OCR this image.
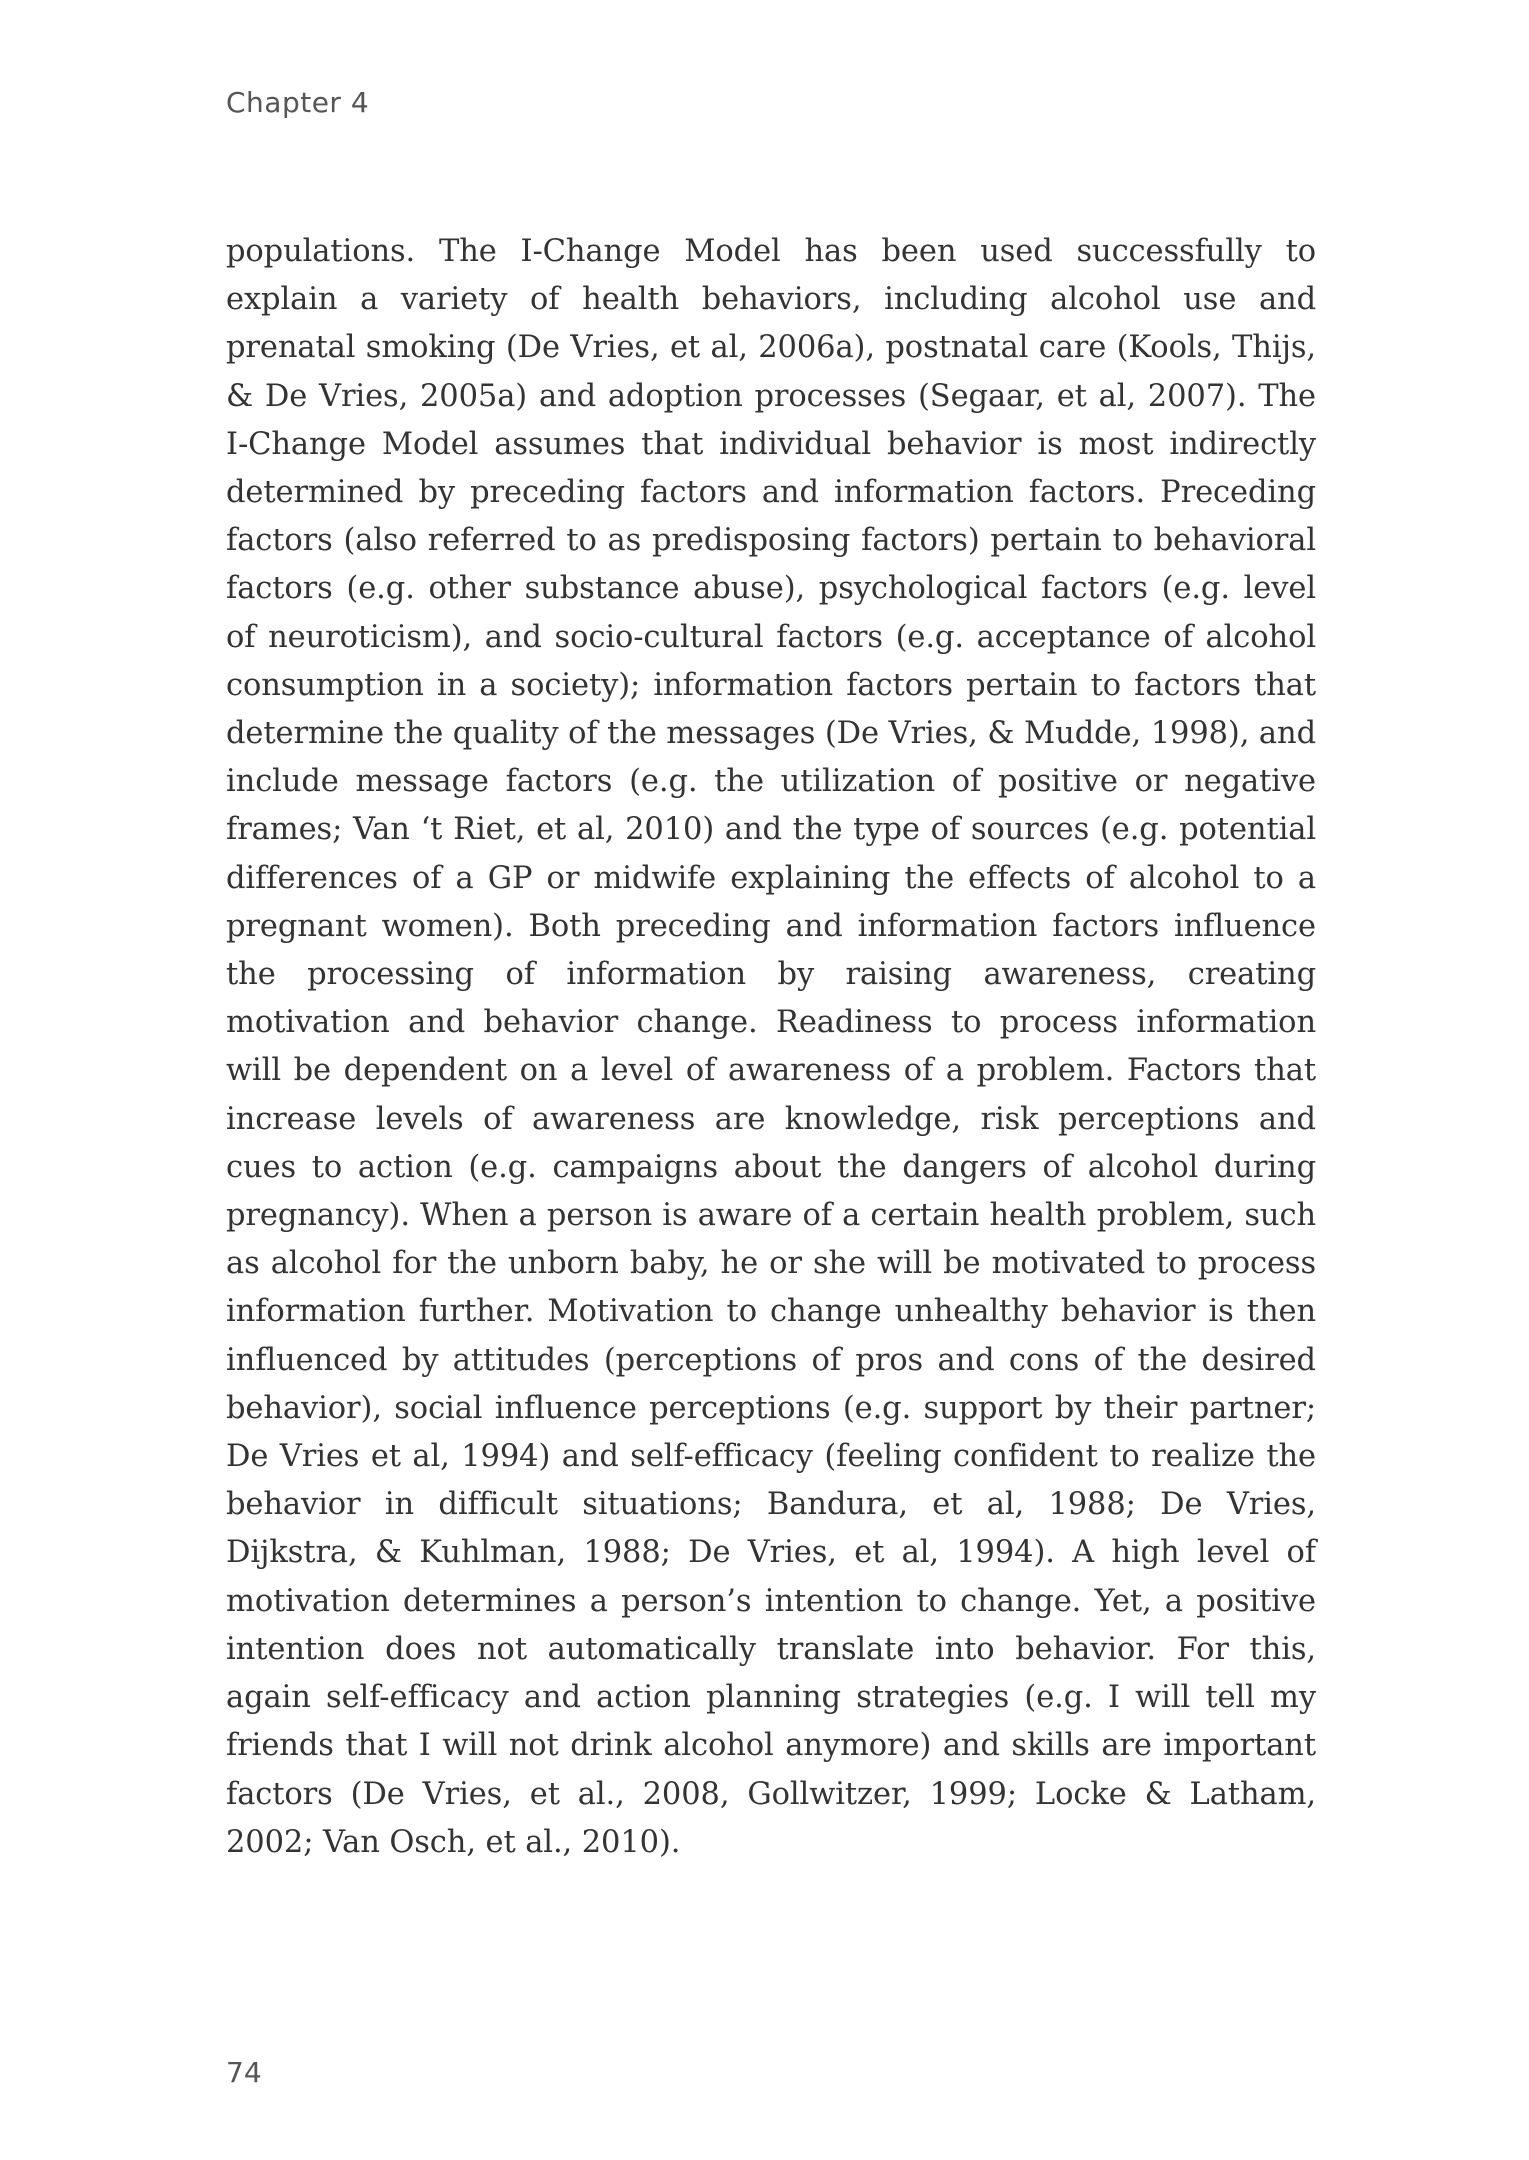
Chapter 4

populations. The I-Change Model has been used successfully to explain a variety of health behaviors, including alcohol use and prenatal smoking (De Vries, et al, 2006a), postnatal care (Kools, Thijs, & De Vries, 2005a) and adoption processes (Segaar, et al, 2007). The I-Change Model assumes that individual behavior is most indirectly determined by preceding factors and information factors. Preceding factors (also referred to as predisposing factors) pertain to behavioral factors (e.g. other substance abuse), psychological factors (e.g. level of neuroticism), and socio-cultural factors (e.g. acceptance of alcohol consumption in a society); information factors pertain to factors that determine the quality of the messages (De Vries, & Mudde, 1998), and include message factors (e.g. the utilization of positive or negative frames; Van ‘t Riet, et al, 2010) and the type of sources (e.g. potential differences of a GP or midwife explaining the effects of alcohol to a pregnant women). Both preceding and information factors influence the processing of information by raising awareness, creating motivation and behavior change. Readiness to process information will be dependent on a level of awareness of a problem. Factors that increase levels of awareness are knowledge, risk perceptions and cues to action (e.g. campaigns about the dangers of alcohol during pregnancy). When a person is aware of a certain health problem, such as alcohol for the unborn baby, he or she will be motivated to process information further. Motivation to change unhealthy behavior is then influenced by attitudes (perceptions of pros and cons of the desired behavior), social influence perceptions (e.g. support by their partner; De Vries et al, 1994) and self-efficacy (feeling confident to realize the behavior in difficult situations; Bandura, et al, 1988; De Vries, Dijkstra, & Kuhlman, 1988; De Vries, et al, 1994). A high level of motivation determines a person’s intention to change. Yet, a positive intention does not automatically translate into behavior. For this, again self-efficacy and action planning strategies (e.g. I will tell my friends that I will not drink alcohol anymore) and skills are important factors (De Vries, et al., 2008, Gollwitzer, 1999; Locke & Latham, 2002; Van Osch, et al., 2010).

74
